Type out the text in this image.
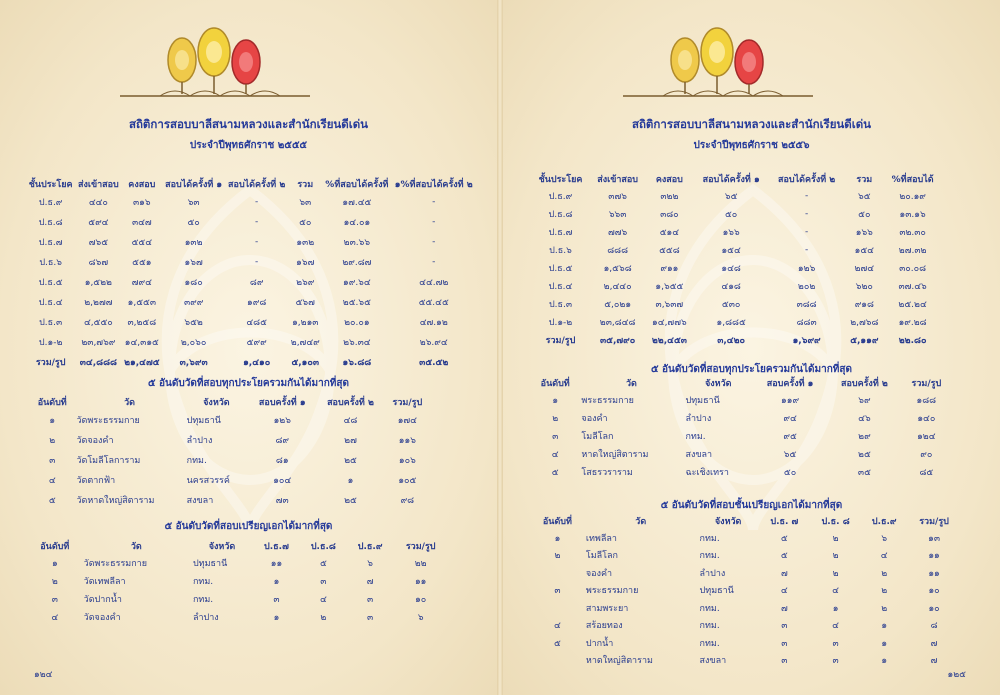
สถิติการสอบบาลีสนามหลวงและสำนักเรียนดีเด่น
ประจำปีพุทธศักราช ๒๕๕๕
ชั้นประโยค	ส่งเข้าสอบ	คงสอบ	สอบได้ครั้งที่ ๑	สอบได้ครั้งที่ ๒	รวม	%ที่สอบได้ครั้งที่	๑%ที่สอบได้ครั้งที่ ๒
ป.ธ.๙	๔๔๐	๓๑๖	๖๓	-	๖๓	๑๗.๔๕	-
ป.ธ.๘	๕๙๔	๓๔๗	๕๐	-	๕๐	๑๔.๐๑	-
ป.ธ.๗	๗๖๕	๕๕๔	๑๓๒	-	๑๓๒	๒๓.๖๖	-
ป.ธ.๖	๘๖๗	๕๕๑	๑๖๗	-	๑๖๗	๒๙.๘๗	-
ป.ธ.๕	๑,๕๒๒	๗๙๔	๑๘๐	๘๙	๒๖๙	๑๙.๖๔	๔๔.๗๒
ป.ธ.๔	๒,๒๗๗	๑,๕๕๓	๓๙๙	๑๙๘	๕๖๗	๒๕.๖๕	๕๕.๔๕
ป.ธ.๓	๔,๕๕๐	๓,๒๕๘	๖๕๒	๔๘๕	๑,๒๑๓	๒๐.๐๑	๔๗.๑๒
ป.๑-๒	๒๓,๗๖๙	๑๔,๓๑๕	๒,๐๖๐	๕๙๙	๒,๗๔๙	๒๖.๓๔	๒๖.๙๔
รวม/รูป	๓๔,๘๘๘	๒๑,๔๗๕	๓,๖๙๓	๑,๔๑๐	๕,๑๐๓	๑๖.๘๘	๓๕.๕๒
๕ อันดับวัดที่สอบทุกประโยครวมกันได้มากที่สุด
อันดับที่	วัด	จังหวัด	สอบครั้งที่ ๑	สอบครั้งที่ ๒	รวม/รูป
๑	วัดพระธรรมกาย	ปทุมธานี	๑๒๖	๔๘	๑๗๔
๒	วัดจองคำ	ลำปาง	๘๙	๒๗	๑๑๖
๓	วัดโมลีโลการาม	กทม.	๘๑	๒๕	๑๐๖
๔	วัดตากฟ้า	นครสวรรค์	๑๐๔	๑	๑๐๕
๕	วัดหาดใหญ่สิตาราม	สงขลา	๗๓	๒๕	๙๘
๕ อันดับวัดที่สอบเปรียญเอกได้มากที่สุด
อันดับที่	วัด	จังหวัด	ป.ธ.๗	ป.ธ.๘	ป.ธ.๙	รวม/รูป
๑	วัดพระธรรมกาย	ปทุมธานี	๑๑	๕	๖	๒๒
๒	วัดเทพลีลา	กทม.	๑	๓	๗	๑๑
๓	วัดปากน้ำ	กทม.	๓	๔	๓	๑๐
๔	วัดจองคำ	ลำปาง	๑	๒	๓	๖
๑๒๔
สถิติการสอบบาลีสนามหลวงและสำนักเรียนดีเด่น
ประจำปีพุทธศักราช ๒๕๕๖
ชั้นประโยค	ส่งเข้าสอบ	คงสอบ	สอบได้ครั้งที่ ๑	สอบได้ครั้งที่ ๒	รวม	%ที่สอบได้
ป.ธ.๙	๓๗๖	๓๒๒	๖๕	-	๖๕	๒๐.๑๙
ป.ธ.๘	๖๖๓	๓๘๐	๕๐	-	๕๐	๑๓.๑๖
ป.ธ.๗	๗๗๖	๕๑๔	๑๖๖	-	๑๖๖	๓๒.๓๐
ป.ธ.๖	๘๘๘	๕๕๘	๑๕๔	-	๑๕๔	๒๗.๓๒
ป.ธ.๕	๑,๕๖๘	๙๑๑	๑๔๘	๑๒๖	๒๗๔	๓๐.๐๘
ป.ธ.๔	๒,๔๔๐	๑,๖๕๕	๔๑๘	๒๐๒	๖๒๐	๓๗.๔๖
ป.ธ.๓	๕,๐๒๑	๓,๖๓๗	๕๓๐	๓๘๘	๙๑๘	๒๕.๒๔
ป.๑-๒	๒๓,๘๔๘	๑๔,๗๗๖	๑,๘๘๕	๘๘๓	๒,๗๖๘	๑๙.๒๘
รวม/รูป	๓๕,๗๙๐	๒๒,๔๕๓	๓,๔๒๐	๑,๖๙๙	๕,๑๑๙	๒๒.๘๐
๕ อันดับวัดที่สอบทุกประโยครวมกันได้มากที่สุด
อันดับที่	วัด	จังหวัด	สอบครั้งที่ ๑	สอบครั้งที่ ๒	รวม/รูป
๑	พระธรรมกาย	ปทุมธานี	๑๑๙	๖๙	๑๘๘
๒	จองคำ	ลำปาง	๙๔	๔๖	๑๔๐
๓	โมลีโลก	กทม.	๙๕	๒๙	๑๒๔
๔	หาดใหญ่สิตาราม	สงขลา	๖๕	๒๕	๙๐
๕	โสธรวราราม	ฉะเชิงเทรา	๕๐	๓๕	๘๕
๕ อันดับวัดที่สอบชั้นเปรียญเอกได้มากที่สุด
อันดับที่	วัด	จังหวัด	ป.ธ. ๗	ป.ธ. ๘	ป.ธ.๙	รวม/รูป
๑	เทพลีลา	กทม.	๕	๒	๖	๑๓
๒	โมลีโลก	กทม.	๕	๒	๔	๑๑
	จองคำ	ลำปาง	๗	๒	๒	๑๑
๓	พระธรรมกาย	ปทุมธานี	๔	๔	๒	๑๐
	สามพระยา	กทม.	๗	๑	๒	๑๐
๔	สร้อยทอง	กทม.	๓	๔	๑	๘
๕	ปากน้ำ	กทม.	๓	๓	๑	๗
	หาดใหญ่สิตาราม	สงขลา	๓	๓	๑	๗
๑๒๕
